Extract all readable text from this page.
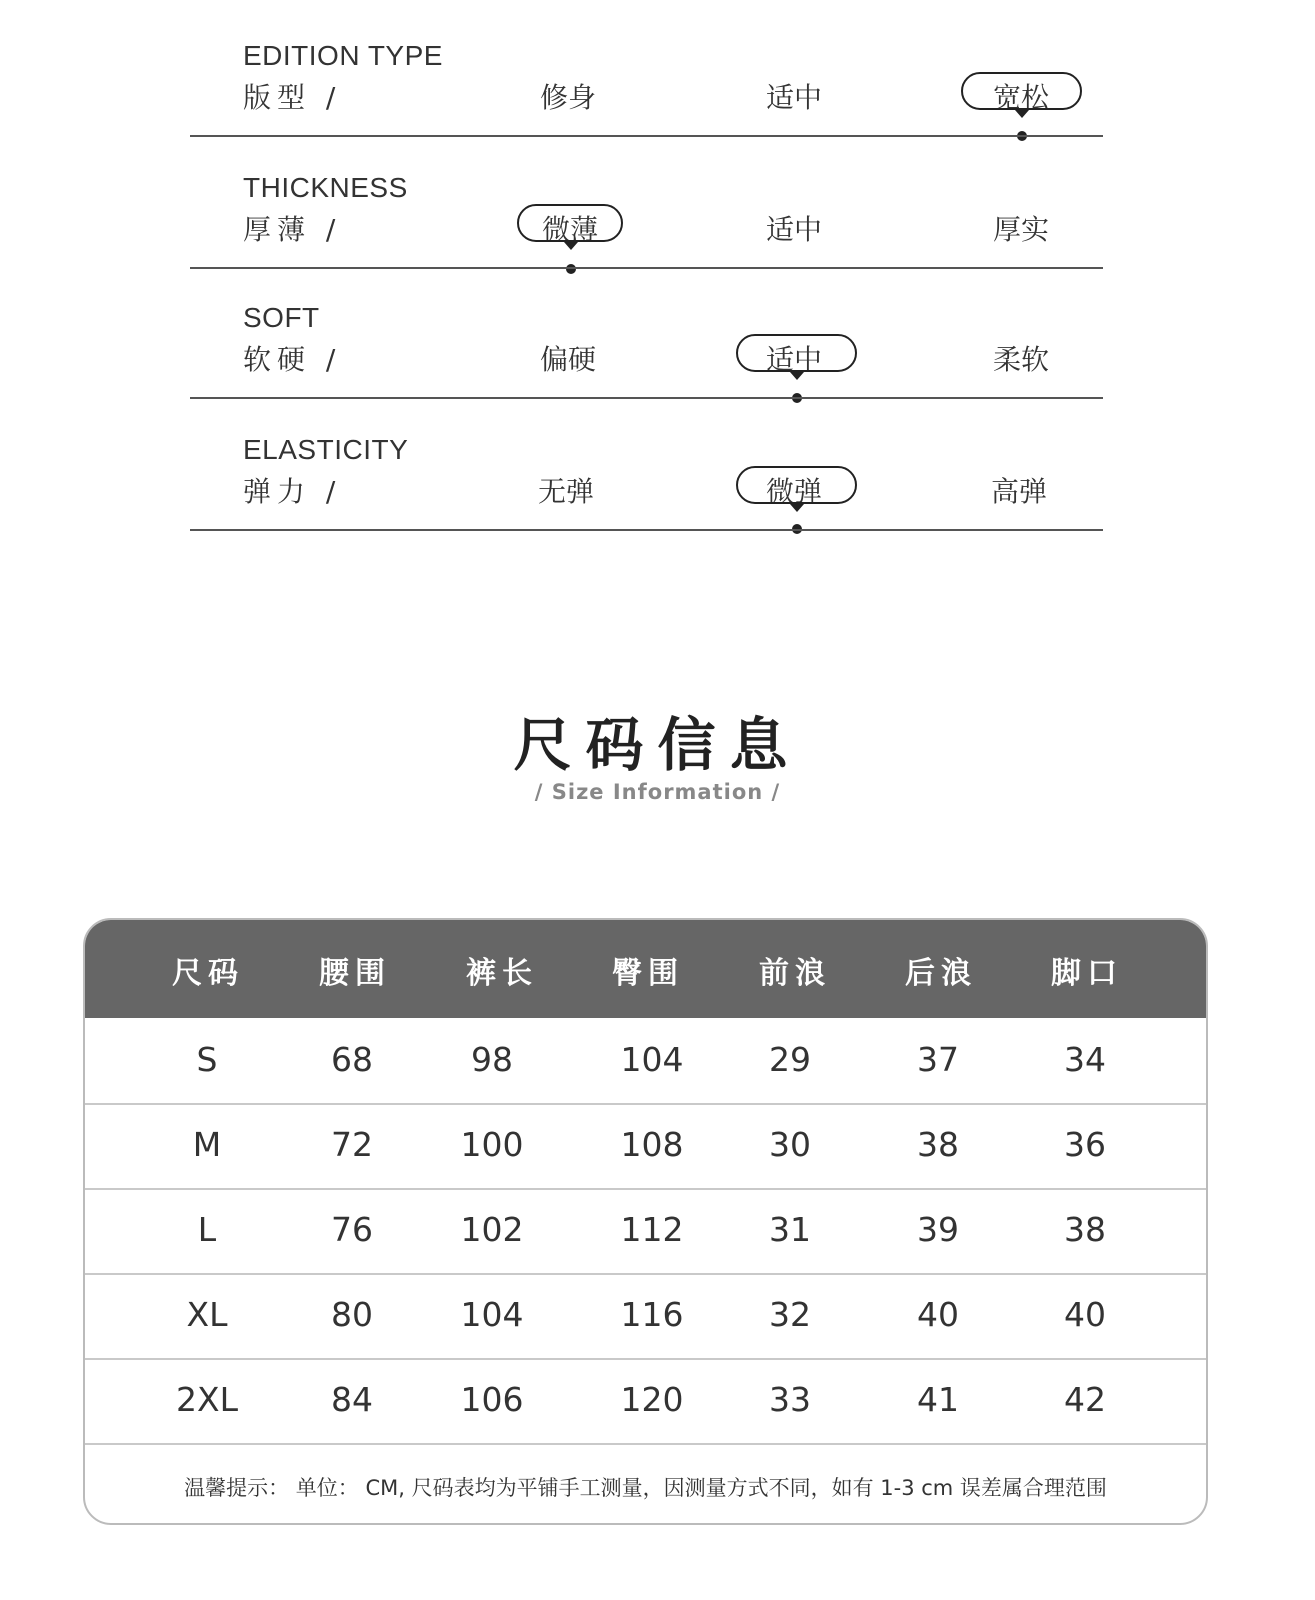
EDITION TYPE
版型 /	修身	适中	宽松
THICKNESS
厚薄 /	微薄	适中	厚实
SOFT
软硬 /	偏硬	适中	柔软
ELASTICITY
弹力 /	无弹	微弹	高弹
尺码信息
/ Size Information /
尺码	腰围	裤长	臀围	前浪	后浪	脚口
S	68	98	104	29	37	34
M	72	100	108	30	38	36
L	76	102	112	31	39	38
XL	80	104	116	32	40	40
2XL	84	106	120	33	41	42
温馨提示： 单位： CM, 尺码表均为平铺手工测量，因测量方式不同，如有 1-3 cm 误差属合理范围
